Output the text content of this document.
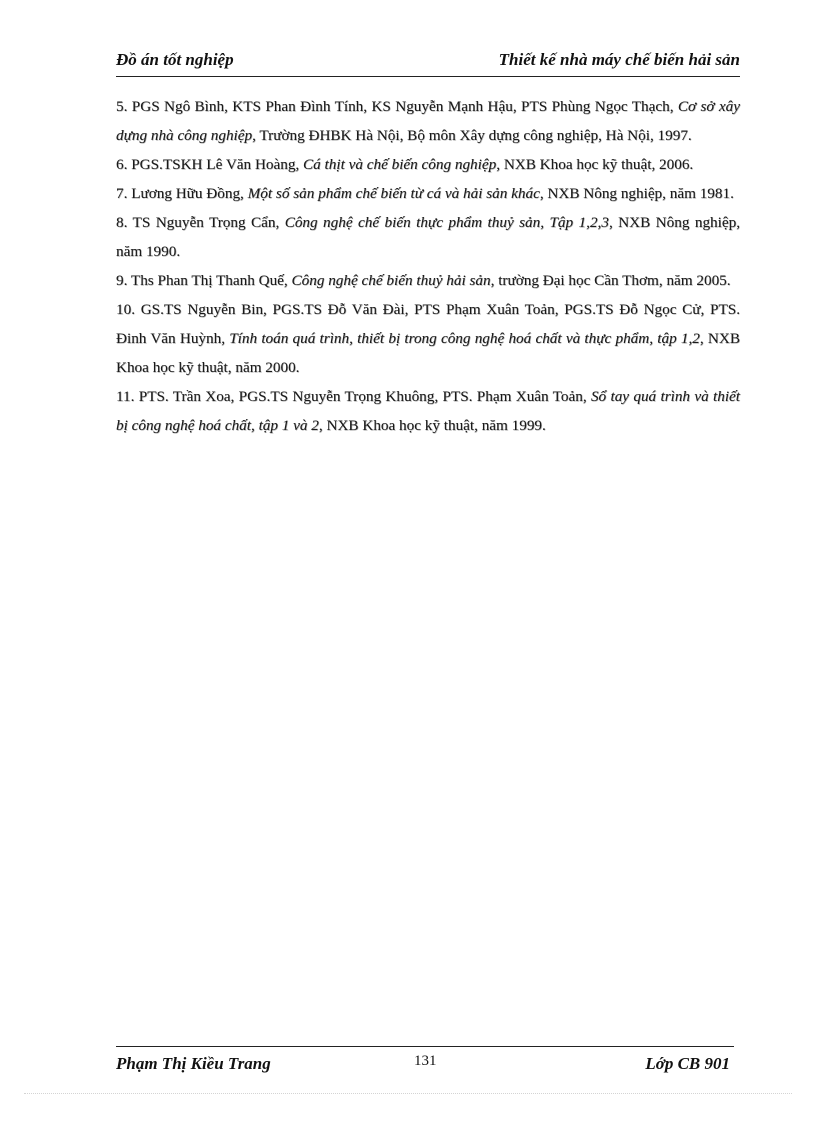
Đồ án tốt nghiệp	Thiết kế nhà máy chế biến hải sản

5. PGS Ngô Bình, KTS Phan Đình Tính, KS Nguyễn Mạnh Hậu, PTS Phùng Ngọc Thạch, Cơ sở xây dựng nhà công nghiệp, Trường ĐHBK Hà Nội, Bộ môn Xây dựng công nghiệp, Hà Nội, 1997.

6. PGS.TSKH Lê Văn Hoàng, Cá thịt và chế biến công nghiệp, NXB Khoa học kỹ thuật, 2006.

7. Lương Hữu Đồng, Một số sản phẩm chế biến từ cá và hải sản khác, NXB Nông nghiệp, năm 1981.

8. TS Nguyễn Trọng Cẩn, Công nghệ chế biến thực phẩm thuỷ sản, Tập 1,2,3, NXB Nông nghiệp, năm 1990.

9. Ths Phan Thị Thanh Quế, Công nghệ chế biến thuỷ hải sản, trường Đại học Cần Thơm, năm 2005.

10. GS.TS Nguyễn Bin, PGS.TS Đỗ Văn Đài, PTS Phạm Xuân Toản, PGS.TS Đỗ Ngọc Cử, PTS. Đinh Văn Huỳnh, Tính toán quá trình, thiết bị trong công nghệ hoá chất và thực phẩm, tập 1,2, NXB Khoa học kỹ thuật, năm 2000.

11. PTS. Trần Xoa, PGS.TS Nguyễn Trọng Khuông, PTS. Phạm Xuân Toản, Sổ tay quá trình và thiết bị công nghệ hoá chất, tập 1 và 2, NXB Khoa học kỹ thuật, năm 1999.

Phạm Thị Kiều Trang	131	Lớp CB 901
